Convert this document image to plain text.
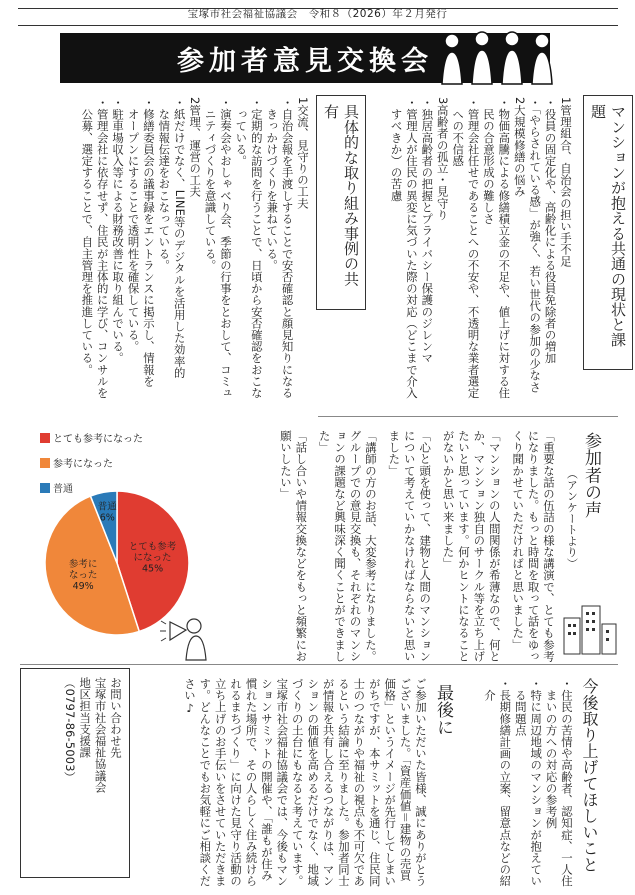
宝塚市社会福祉協議会　令和８（2026）年２月発行
参加者意見交換会
マンションが抱える共通の現状と課題
1管理組合、自治会の担い手不足
・役員の固定化や、高齢化による役員免除者の増加
・「やらされている感」が強く、若い世代の参加の少なさ
2大規模修繕の悩み
・物価高騰による修繕積立金の不足や、値上げに対する住
　民の合意形成の難しさ
・管理会社任せであることへの不安や、不透明な業者選定
　への不信感
3高齢者の孤立・見守り
・独居高齢者の把握とプライバシー保護のジレンマ
・管理人が住民の異変に気づいた際の対応（どこまで介入
　すべきか）の苦慮
具体的な取り組み事例の共有
1交流、見守りの工夫
・自治会報を手渡しすることで安否確認と顔見知りになる
　きっかけづくりを兼ねている。
・定期的な訪問を行うことで、日頃から安否確認をおこな
　っている。
・演奏会やおしゃべり会、季節の行事をとおして、コミュ
　ニティづくりを意識している。
2管理、運営の工夫
・紙だけでなく、LINE等のデジタルを活用した効率的
　な情報伝達をおこなっている。
・修繕委員会の議事録をエントランスに掲示し、情報を
　オープンにすることで透明性を確保している。
・駐車場収入等による財務改善に取り組んでいる。
・管理会社に依存せず、住民が主体的に学び、コンサルを
　公募、選定することで、自主管理を推進している。
参加者の声
（アンケートより）
「重要な話の伍詰の様な講演で、とても参考になりました。もっと時間を取って話をゆっくり聞かせていただければと思いました」
「マンションの人間関係が希薄なので、何とか、マンション独自のサークル等を立ち上げたいと思っています。何かヒントになることがないかと思い来ました」
「心と頭を使って、建物と人間のマンションについて考えていかなければならないと思いました」
「講師の方のお話、大変参考になりました。グループでの意見交換も、それぞれのマンションの課題など興味深く聞くことができました」
「話し合いや情報交換などをもっと頻繁にお願いしたい」
とても参考になった
参考になった
普通
とても参考になった 45%
参考になった 49%
普通 6%
今後取り上げてほしいこと
・住民の苦情や高齢者、認知症、一人住
　まいの方への対応の参考例
・特に周辺地域のマンションが抱えてい
　る問題点
・長期修繕計画の立案、留意点などの紹
　介
最後に

ご参加いただいた皆様、誠にありがとうございました。「資産価値＝建物の売買価格」というイメージが先行してしまいがちですが、本サミットを通じ、住民同士のつながりや福祉の視点も不可欠であるという結論に至りました。参加者同士が情報を共有し合えるつながりは、マンションの価値を高めるだけでなく、地域づくりの土台にもなると考えています。宝塚市社会福祉協議会では、今後もマンションサミットの開催や、「誰もが住み慣れた場所で、その人らしく住み続けられるまちづくり」に向けた見守り活動の立ち上げのお手伝いをさせていただきます。どんなことでもお気軽にご相談ください♪

お問い合わせ先
宝塚市社会福祉協議会
地区担当支援課
（0797-86-5003）
